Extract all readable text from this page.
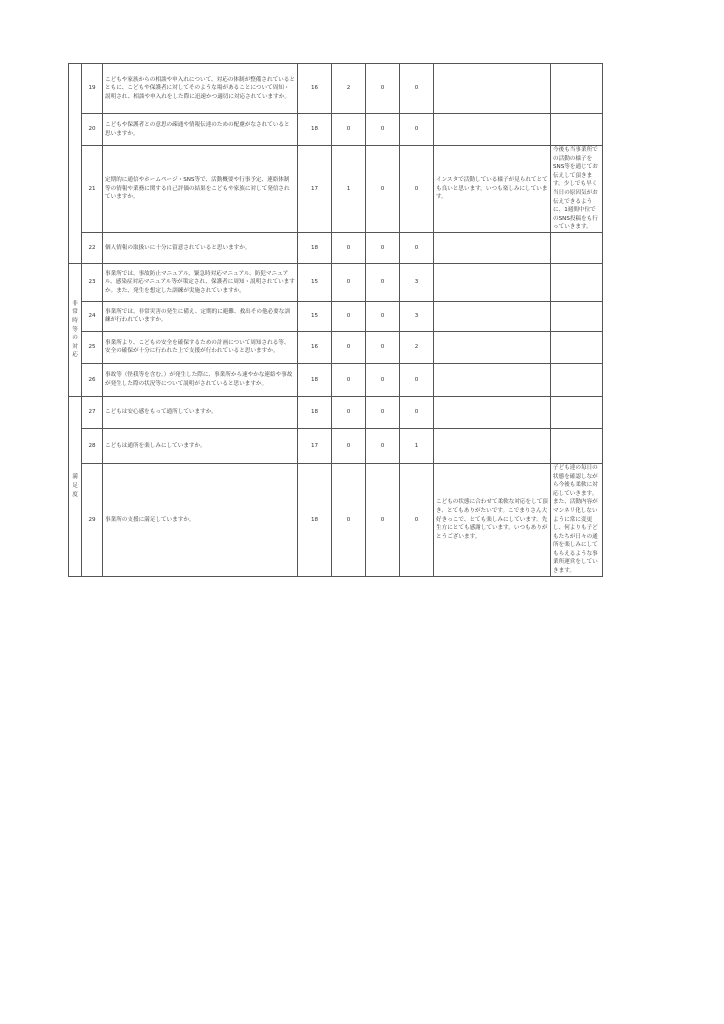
	19	こどもや家族からの相談や申入れについて、対応の体制が整備されているとともに、こどもや保護者に対してそのような場があることについて周知・説明され、相談や申入れをした際に迅速かつ適切に対応されていますか。	16	2	0	0		
	20	こどもや保護者との意思の疎通や情報伝達のための配慮がなされていると思いますか。	18	0	0	0		
	21	定期的に通信やホームページ・SNS等で、活動概要や行事予定、連絡体制等の情報や業務に関する自己評価の結果をこどもや家族に対して発信されていますか。	17	1	0	0	インスタで活動している様子が見られてとても良いと思います。いつも楽しみにしています。	今後も当事業所での活動の様子をSNS等を通じてお伝えして頂きます。少しでも早く当日の原因気がお伝えできるように、1週間中位でのSNS投稿をも行っていきます。
	22	個人情報の取扱いに十分に留意されていると思いますか。	18	0	0	0		
非常時等の対応	23	事業所では、事故防止マニュアル、緊急時対応マニュアル、防犯マニュアル、感染症対応マニュアル等が策定され、保護者に周知・説明されていますか。また、発生を想定した訓練が実施されていますか。	15	0	0	3		
	24	事業所では、非常災害の発生に備え、定期的に避難、救出その他必要な訓練が行われていますか。	15	0	0	3		
	25	事業所より、こどもの安全を確保するための計画について周知される等、安全の確保が十分に行われた上で支援が行われていると思いますか。	16	0	0	2		
	26	事故等（怪我等を含む。）が発生した際に、事業所から速やかな連絡や事故が発生した際の状況等について説明がされていると思いますか。	18	0	0	0		
満足度	27	こどもは安心感をもって通所していますか。	18	0	0	0		
	28	こどもは通所を楽しみにしていますか。	17	0	0	1		
	29	事業所の支援に満足していますか。	18	0	0	0	こどもの状態に合わせて柔軟な対応をして頂き、とてもありがたいです。こでまりさん大好きっこで、とても楽しみにしています。先生方にとても感謝しています。いつもありがとうございます。	子ども達の毎日の状態を確認しながら今後も柔軟に対応していきます。また、活動内容がマンネリ化しないように常に変更し、何よりも子どもたちが日々の通所を楽しみにしてもらえるような事業所運営をしていきます。
